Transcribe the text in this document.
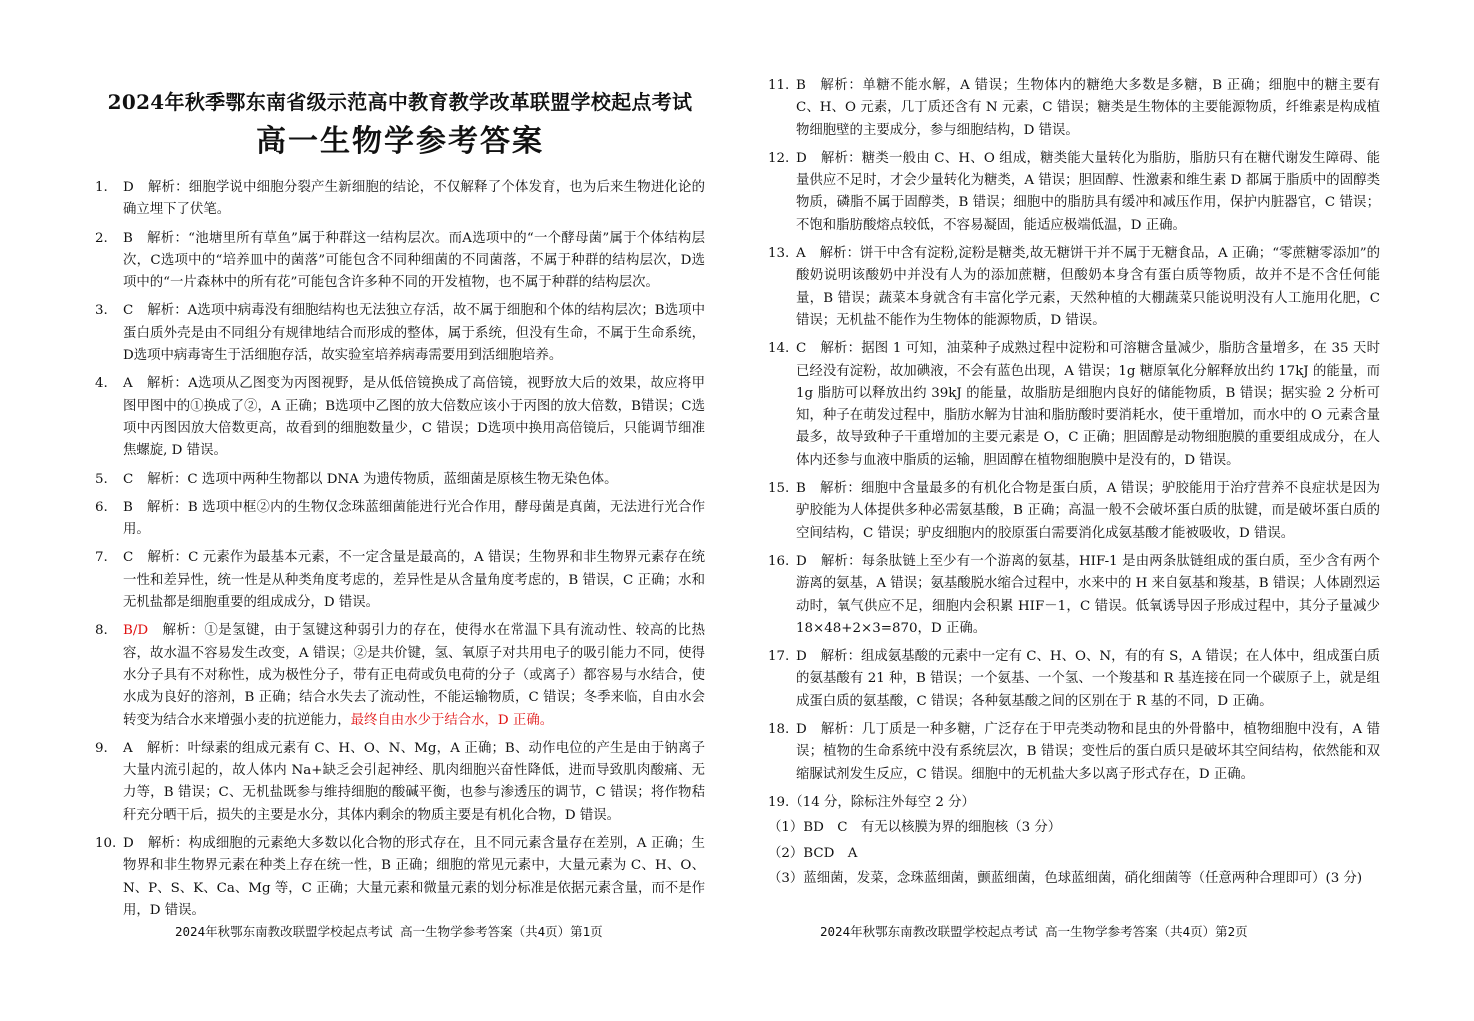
2024年秋季鄂东南省级示范高中教育教学改革联盟学校起点考试
高一生物学参考答案
1. D 解析：细胞学说中细胞分裂产生新细胞的结论，不仅解释了个体发育，也为后来生物进化论的确立埋下了伏笔。
2. B 解析：“池塘里所有草鱼”属于种群这一结构层次。而A选项中的“一个酵母菌”属于个体结构层次，C选项中的“培养皿中的菌落”可能包含不同种细菌的不同菌落，不属于种群的结构层次，D选项中的“一片森林中的所有花”可能包含许多种不同的开发植物，也不属于种群的结构层次。
3. C 解析：A选项中病毒没有细胞结构也无法独立存活，故不属于细胞和个体的结构层次；B选项中蛋白质外壳是由不同组分有规律地结合而形成的整体，属于系统，但没有生命，不属于生命系统，D选项中病毒寄生于活细胞存活，故实验室培养病毒需要用到活细胞培养。
4. A 解析：A选项从乙图变为丙图视野，是从低倍镜换成了高倍镜，视野放大后的效果，故应将甲图甲图中的①换成了②，A 正确；B选项中乙图的放大倍数应该小于丙图的放大倍数，B错误；C选项中丙图因放大倍数更高，故看到的细胞数量少，C 错误；D选项中换用高倍镜后，只能调节细准焦螺旋, D 错误。
5. C 解析：C 选项中两种生物都以 DNA 为遗传物质，蓝细菌是原核生物无染色体。
6. B 解析：B 选项中框②内的生物仅念珠蓝细菌能进行光合作用，酵母菌是真菌，无法进行光合作用。
7. C 解析：C 元素作为最基本元素，不一定含量是最高的，A 错误；生物界和非生物界元素存在统一性和差异性，统一性是从种类角度考虑的，差异性是从含量角度考虑的，B 错误，C 正确；水和无机盐都是细胞重要的组成成分，D 错误。
8. B/D 解析：①是氢键，由于氢键这种弱引力的存在，使得水在常温下具有流动性、较高的比热容，故水温不容易发生改变，A 错误；②是共价键，氢、氧原子对共用电子的吸引能力不同，使得水分子具有不对称性，成为极性分子，带有正电荷或负电荷的分子（或离子）都容易与水结合，使水成为良好的溶剂，B 正确；结合水失去了流动性，不能运输物质，C 错误；冬季来临，自由水会转变为结合水来增强小麦的抗逆能力，最终自由水少于结合水，D 正确。
9. A 解析：叶绿素的组成元素有 C、H、O、N、Mg，A 正确；B、动作电位的产生是由于钠离子大量内流引起的，故人体内 Na+缺乏会引起神经、肌肉细胞兴奋性降低，进而导致肌肉酸痛、无力等，B 错误；C、无机盐既参与维持细胞的酸碱平衡，也参与渗透压的调节，C 错误；将作物秸秆充分晒干后，损失的主要是水分，其体内剩余的物质主要是有机化合物，D 错误。
10. D 解析：构成细胞的元素绝大多数以化合物的形式存在，且不同元素含量存在差别，A 正确；生物界和非生物界元素在种类上存在统一性，B 正确；细胞的常见元素中，大量元素为 C、H、O、N、P、S、K、Ca、Mg 等，C 正确；大量元素和微量元素的划分标准是依据元素含量，而不是作用，D 错误。
11. B 解析：单糖不能水解，A 错误；生物体内的糖绝大多数是多糖，B 正确；细胞中的糖主要有 C、H、O 元素，几丁质还含有 N 元素，C 错误；糖类是生物体的主要能源物质，纤维素是构成植物细胞壁的主要成分，参与细胞结构，D 错误。
12. D 解析：糖类一般由 C、H、O 组成，糖类能大量转化为脂肪，脂肪只有在糖代谢发生障碍、能量供应不足时，才会少量转化为糖类，A 错误；胆固醇、性激素和维生素 D 都属于脂质中的固醇类物质，磷脂不属于固醇类，B 错误；细胞中的脂肪具有缓冲和减压作用，保护内脏器官，C 错误；不饱和脂肪酸熔点较低，不容易凝固，能适应极端低温，D 正确。
13. A 解析：饼干中含有淀粉,淀粉是糖类,故无糖饼干并不属于无糖食品，A 正确；“零蔗糖零添加”的酸奶说明该酸奶中并没有人为的添加蔗糖，但酸奶本身含有蛋白质等物质，故并不是不含任何能量，B 错误；蔬菜本身就含有丰富化学元素，天然种植的大棚蔬菜只能说明没有人工施用化肥，C 错误；无机盐不能作为生物体的能源物质，D 错误。
14. C 解析：据图 1 可知，油菜种子成熟过程中淀粉和可溶糖含量减少，脂肪含量增多，在 35 天时已经没有淀粉，故加碘液，不会有蓝色出现，A 错误；1g 糖原氧化分解释放出约 17kJ 的能量，而 1g 脂肪可以释放出约 39kJ 的能量，故脂肪是细胞内良好的储能物质，B 错误；据实验 2 分析可知，种子在萌发过程中，脂肪水解为甘油和脂肪酸时要消耗水，使干重增加，而水中的 O 元素含量最多，故导致种子干重增加的主要元素是 O，C 正确；胆固醇是动物细胞膜的重要组成成分，在人体内还参与血液中脂质的运输，胆固醇在植物细胞膜中是没有的，D 错误。
15. B 解析：细胞中含量最多的有机化合物是蛋白质，A 错误；驴胶能用于治疗营养不良症状是因为驴胶能为人体提供多种必需氨基酸，B 正确；高温一般不会破坏蛋白质的肽键，而是破坏蛋白质的空间结构，C 错误；驴皮细胞内的胶原蛋白需要消化成氨基酸才能被吸收，D 错误。
16. D 解析：每条肽链上至少有一个游离的氨基，HIF-1 是由两条肽链组成的蛋白质，至少含有两个游离的氨基，A 错误；氨基酸脱水缩合过程中，水来中的 H 来自氨基和羧基，B 错误；人体剧烈运动时，氧气供应不足，细胞内会积累 HIF－1，C 错误。低氧诱导因子形成过程中，其分子量减少 18×48+2×3=870，D 正确。
17. D 解析：组成氨基酸的元素中一定有 C、H、O、N，有的有 S，A 错误；在人体中，组成蛋白质的氨基酸有 21 种，B 错误；一个氨基、一个氢、一个羧基和 R 基连接在同一个碳原子上，就是组成蛋白质的氨基酸，C 错误；各种氨基酸之间的区别在于 R 基的不同，D 正确。
18. D 解析：几丁质是一种多糖，广泛存在于甲壳类动物和昆虫的外骨骼中，植物细胞中没有，A 错误；植物的生命系统中没有系统层次，B 错误；变性后的蛋白质只是破坏其空间结构，依然能和双缩脲试剂发生反应，C 错误。细胞中的无机盐大多以离子形式存在，D 正确。
19.（14 分，除标注外每空 2 分）
（1）BD　C　有无以核膜为界的细胞核（3 分）
（2）BCD　A
（3）蓝细菌，发菜，念珠蓝细菌，颤蓝细菌，色球蓝细菌，硝化细菌等（任意两种合理即可）(3 分)
2024年秋鄂东南教改联盟学校起点考试 高一生物学参考答案（共4页）第1页	2024年秋鄂东南教改联盟学校起点考试 高一生物学参考答案（共4页）第2页
